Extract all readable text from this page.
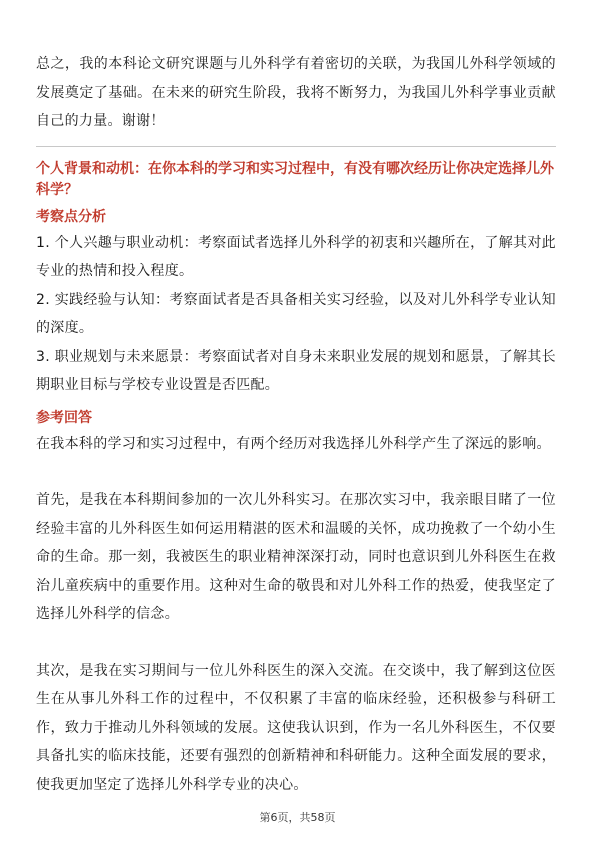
总之，我的本科论文研究课题与儿外科学有着密切的关联，为我国儿外科学领域的发展奠定了基础。在未来的研究生阶段，我将不断努力，为我国儿外科学事业贡献自己的力量。谢谢！

个人背景和动机：在你本科的学习和实习过程中，有没有哪次经历让你决定选择儿外科学？
考察点分析

1. 个人兴趣与职业动机：考察面试者选择儿外科学的初衷和兴趣所在，了解其对此专业的热情和投入程度。

2. 实践经验与认知：考察面试者是否具备相关实习经验，以及对儿外科学专业认知的深度。

3. 职业规划与未来愿景：考察面试者对自身未来职业发展的规划和愿景，了解其长期职业目标与学校专业设置是否匹配。

参考回答

在我本科的学习和实习过程中，有两个经历对我选择儿外科学产生了深远的影响。

首先，是我在本科期间参加的一次儿外科实习。在那次实习中，我亲眼目睹了一位经验丰富的儿外科医生如何运用精湛的医术和温暖的关怀，成功挽救了一个幼小生命的生命。那一刻，我被医生的职业精神深深打动，同时也意识到儿外科医生在救治儿童疾病中的重要作用。这种对生命的敬畏和对儿外科工作的热爱，使我坚定了选择儿外科学的信念。

其次，是我在实习期间与一位儿外科医生的深入交流。在交谈中，我了解到这位医生在从事儿外科工作的过程中，不仅积累了丰富的临床经验，还积极参与科研工作，致力于推动儿外科领域的发展。这使我认识到，作为一名儿外科医生，不仅要具备扎实的临床技能，还要有强烈的创新精神和科研能力。这种全面发展的要求，使我更加坚定了选择儿外科学专业的决心。

第6页，共58页
